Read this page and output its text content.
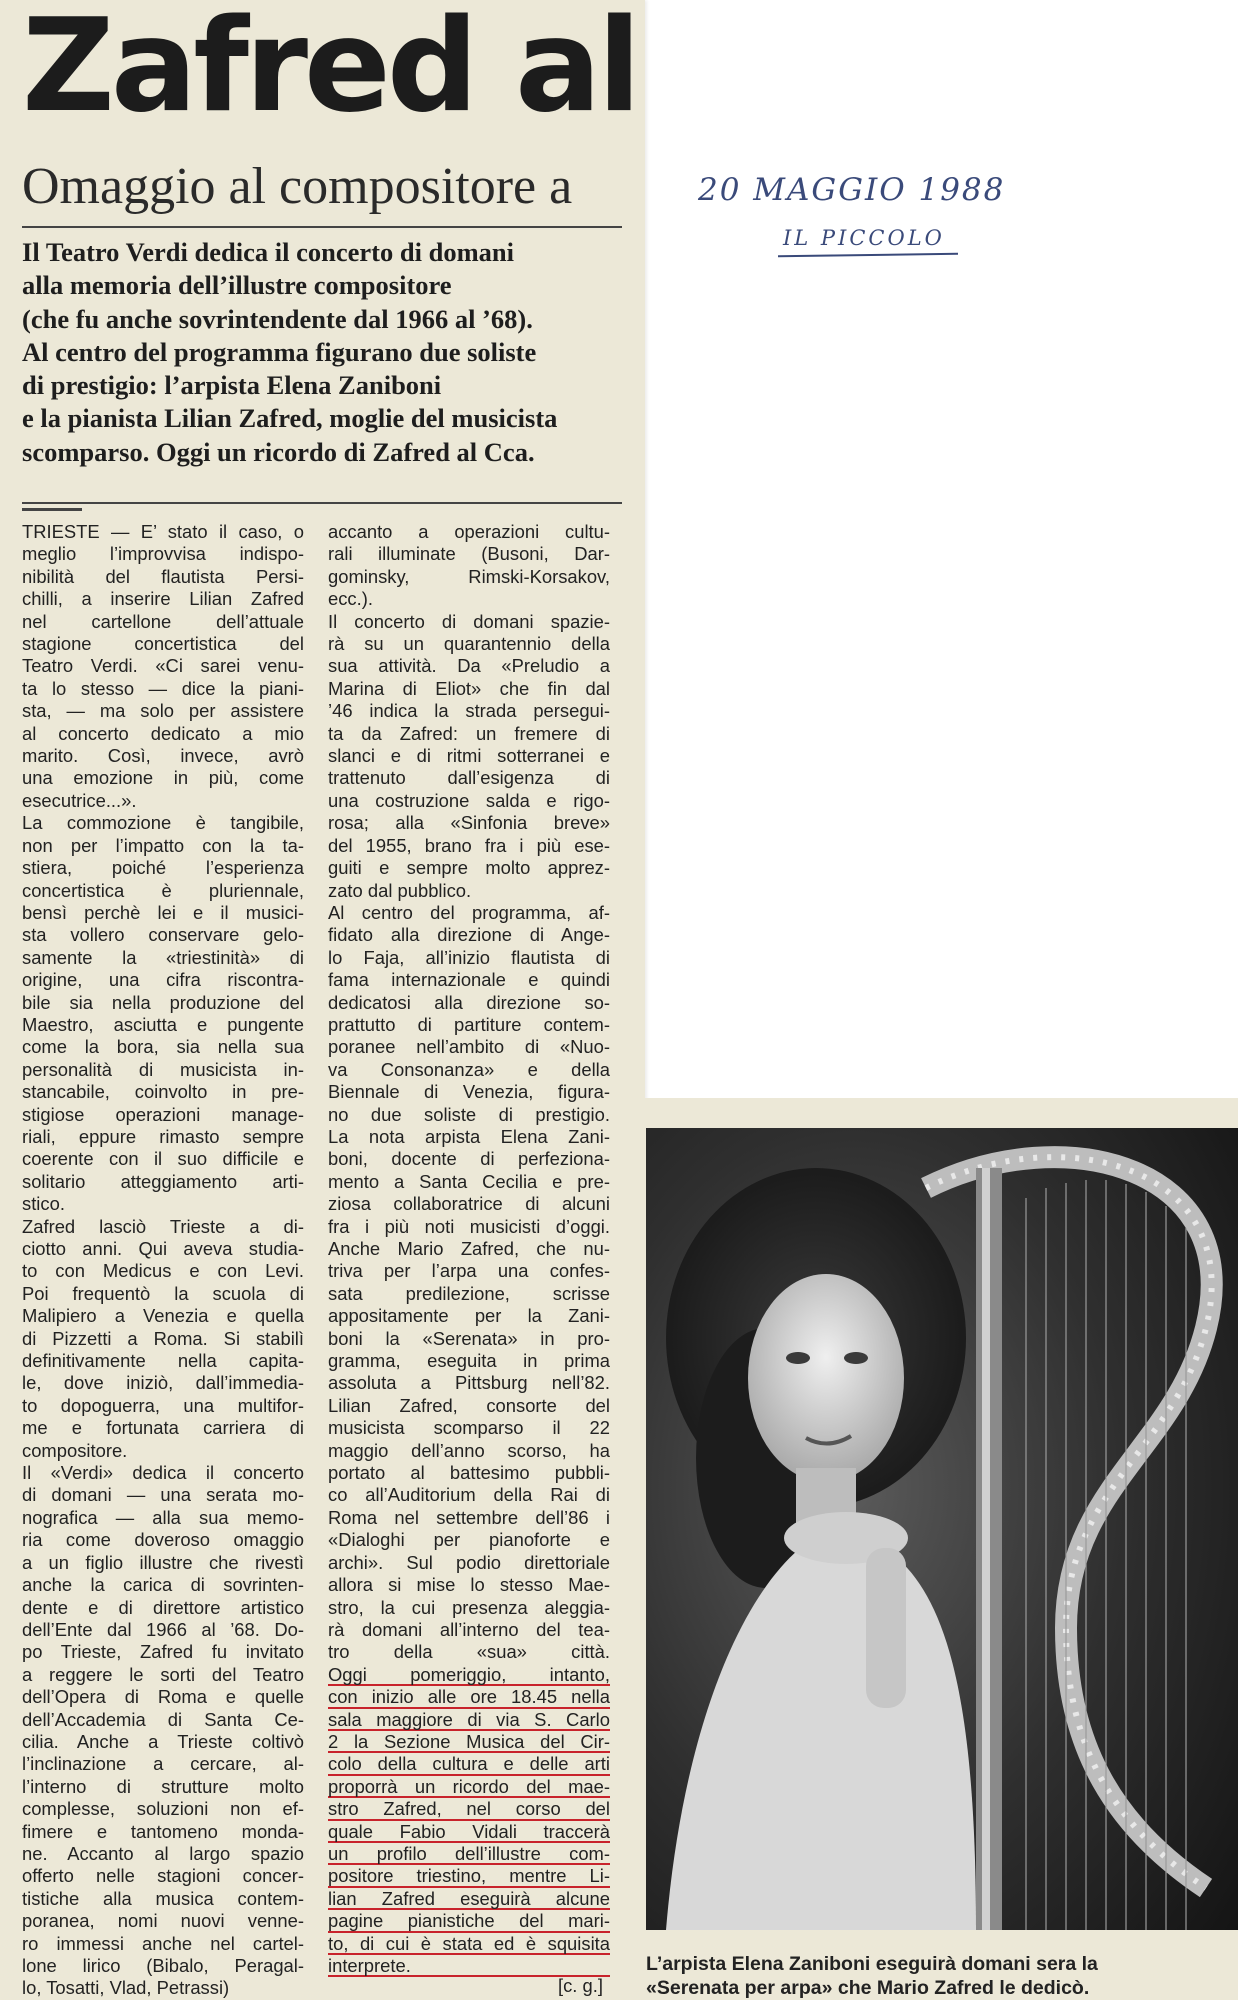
Zafred al
Omaggio al compositore a	20 MAGGIO 1988
IL PICCOLO
Il Teatro Verdi dedica il concerto di domani
alla memoria dell’illustre compositore
(che fu anche sovrintendente dal 1966 al ’68).
Al centro del programma figurano due soliste
di prestigio: l’arpista Elena Zaniboni
e la pianista Lilian Zafred, moglie del musicista
scomparso. Oggi un ricordo di Zafred al Cca.
TRIESTE — E’ stato il caso, o
meglio l’improvvisa indispo-
nibilità del flautista Persi-
chilli, a inserire Lilian Zafred
nel cartellone dell’attuale
stagione concertistica del
Teatro Verdi. «Ci sarei venu-
ta lo stesso — dice la piani-
sta, — ma solo per assistere
al concerto dedicato a mio
marito. Così, invece, avrò
una emozione in più, come
esecutrice...».
La commozione è tangibile,
non per l’impatto con la ta-
stiera, poiché l’esperienza
concertistica è pluriennale,
bensì perchè lei e il musici-
sta vollero conservare gelo-
samente la «triestinità» di
origine, una cifra riscontra-
bile sia nella produzione del
Maestro, asciutta e pungente
come la bora, sia nella sua
personalità di musicista in-
stancabile, coinvolto in pre-
stigiose operazioni manage-
riali, eppure rimasto sempre
coerente con il suo difficile e
solitario atteggiamento arti-
stico.
Zafred lasciò Trieste a di-
ciotto anni. Qui aveva studia-
to con Medicus e con Levi.
Poi frequentò la scuola di
Malipiero a Venezia e quella
di Pizzetti a Roma. Si stabilì
definitivamente nella capita-
le, dove iniziò, dall’immedia-
to dopoguerra, una multifor-
me e fortunata carriera di
compositore.
Il «Verdi» dedica il concerto
di domani — una serata mo-
nografica — alla sua memo-
ria come doveroso omaggio
a un figlio illustre che rivestì
anche la carica di sovrinten-
dente e di direttore artistico
dell’Ente dal 1966 al ’68. Do-
po Trieste, Zafred fu invitato
a reggere le sorti del Teatro
dell’Opera di Roma e quelle
dell’Accademia di Santa Ce-
cilia. Anche a Trieste coltivò
l’inclinazione a cercare, al-
l’interno di strutture molto
complesse, soluzioni non ef-
fimere e tantomeno monda-
ne. Accanto al largo spazio
offerto nelle stagioni concer-
tistiche alla musica contem-
poranea, nomi nuovi venne-
ro immessi anche nel cartel-
lone lirico (Bibalo, Peragal-
lo, Tosatti, Vlad, Petrassi)
accanto a operazioni cultu-
rali illuminate (Busoni, Dar-
gominsky, Rimski-Korsakov,
ecc.).
Il concerto di domani spazie-
rà su un quarantennio della
sua attività. Da «Preludio a
Marina di Eliot» che fin dal
’46 indica la strada persegui-
ta da Zafred: un fremere di
slanci e di ritmi sotterranei e
trattenuto dall’esigenza di
una costruzione salda e rigo-
rosa; alla «Sinfonia breve»
del 1955, brano fra i più ese-
guiti e sempre molto apprez-
zato dal pubblico.
Al centro del programma, af-
fidato alla direzione di Ange-
lo Faja, all’inizio flautista di
fama internazionale e quindi
dedicatosi alla direzione so-
prattutto di partiture contem-
poranee nell’ambito di «Nuo-
va Consonanza» e della
Biennale di Venezia, figura-
no due soliste di prestigio.
La nota arpista Elena Zani-
boni, docente di perfeziona-
mento a Santa Cecilia e pre-
ziosa collaboratrice di alcuni
fra i più noti musicisti d’oggi.
Anche Mario Zafred, che nu-
triva per l’arpa una confes-
sata predilezione, scrisse
appositamente per la Zani-
boni la «Serenata» in pro-
gramma, eseguita in prima
assoluta a Pittsburg nell’82.
Lilian Zafred, consorte del
musicista scomparso il 22
maggio dell’anno scorso, ha
portato al battesimo pubbli-
co all’Auditorium della Rai di
Roma nel settembre dell’86 i
«Dialoghi per pianoforte e
archi». Sul podio direttoriale
allora si mise lo stesso Mae-
stro, la cui presenza aleggia-
rà domani all’interno del tea-
tro della «sua» città.
Oggi pomeriggio, intanto,
con inizio alle ore 18.45 nella
sala maggiore di via S. Carlo
2 la Sezione Musica del Cir-
colo della cultura e delle arti
proporrà un ricordo del mae-
stro Zafred, nel corso del
quale Fabio Vidali traccerà
un profilo dell’illustre com-
positore triestino, mentre Li-
lian Zafred eseguirà alcune
pagine pianistiche del mari-
to, di cui è stata ed è squisita
interprete.
[c. g.]
L’arpista Elena Zaniboni eseguirà domani sera la
«Serenata per arpa» che Mario Zafred le dedicò.
